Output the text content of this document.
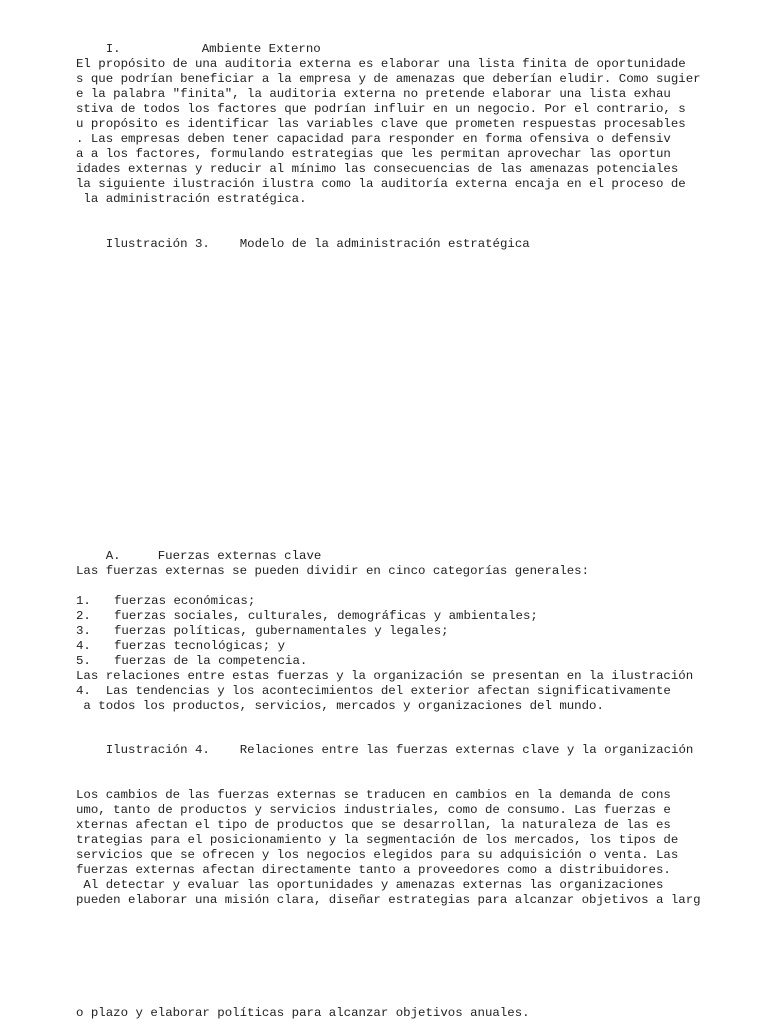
I.	Ambiente Externo

El propósito de una auditoria externa es elaborar una lista finita de oportunidade
s que podrían beneficiar a la empresa y de amenazas que deberían eludir. Como sugier
e la palabra "finita", la auditoria externa no pretende elaborar una lista exhau
stiva de todos los factores que podrían influir en un negocio. Por el contrario, s
u propósito es identificar las variables clave que prometen respuestas procesables
. Las empresas deben tener capacidad para responder en forma ofensiva o defensiv
a a los factores, formulando estrategias que les permitan aprovechar las oportun
idades externas y reducir al mínimo las consecuencias de las amenazas potenciales
la siguiente ilustración ilustra como la auditoría externa encaja en el proceso de
la administración estratégica.

Ilustración 3. Modelo de la administración estratégica

A.	Fuerzas externas clave

Las fuerzas externas se pueden dividir en cinco categorías generales:
1. fuerzas económicas;
2. fuerzas sociales, culturales, demográficas y ambientales;
3. fuerzas políticas, gubernamentales y legales;
4. fuerzas tecnológicas; y
5. fuerzas de la competencia.
Las relaciones entre estas fuerzas y la organización se presentan en la ilustración
4.  Las tendencias y los acontecimientos del exterior afectan significativamente
a todos los productos, servicios, mercados y organizaciones del mundo.

Ilustración 4. Relaciones entre las fuerzas externas clave y la organización

Los cambios de las fuerzas externas se traducen en cambios en la demanda de cons
umo, tanto de productos y servicios industriales, como de consumo. Las fuerzas e
xternas afectan el tipo de productos que se desarrollan, la naturaleza de las es
trategias para el posicionamiento y la segmentación de los mercados, los tipos de
servicios que se ofrecen y los negocios elegidos para su adquisición o venta. Las
fuerzas externas afectan directamente tanto a proveedores como a distribuidores.
Al detectar y evaluar las oportunidades y amenazas externas las organizaciones
pueden elaborar una misión clara, diseñar estrategias para alcanzar objetivos a larg
o plazo y elaborar políticas para alcanzar objetivos anuales.
